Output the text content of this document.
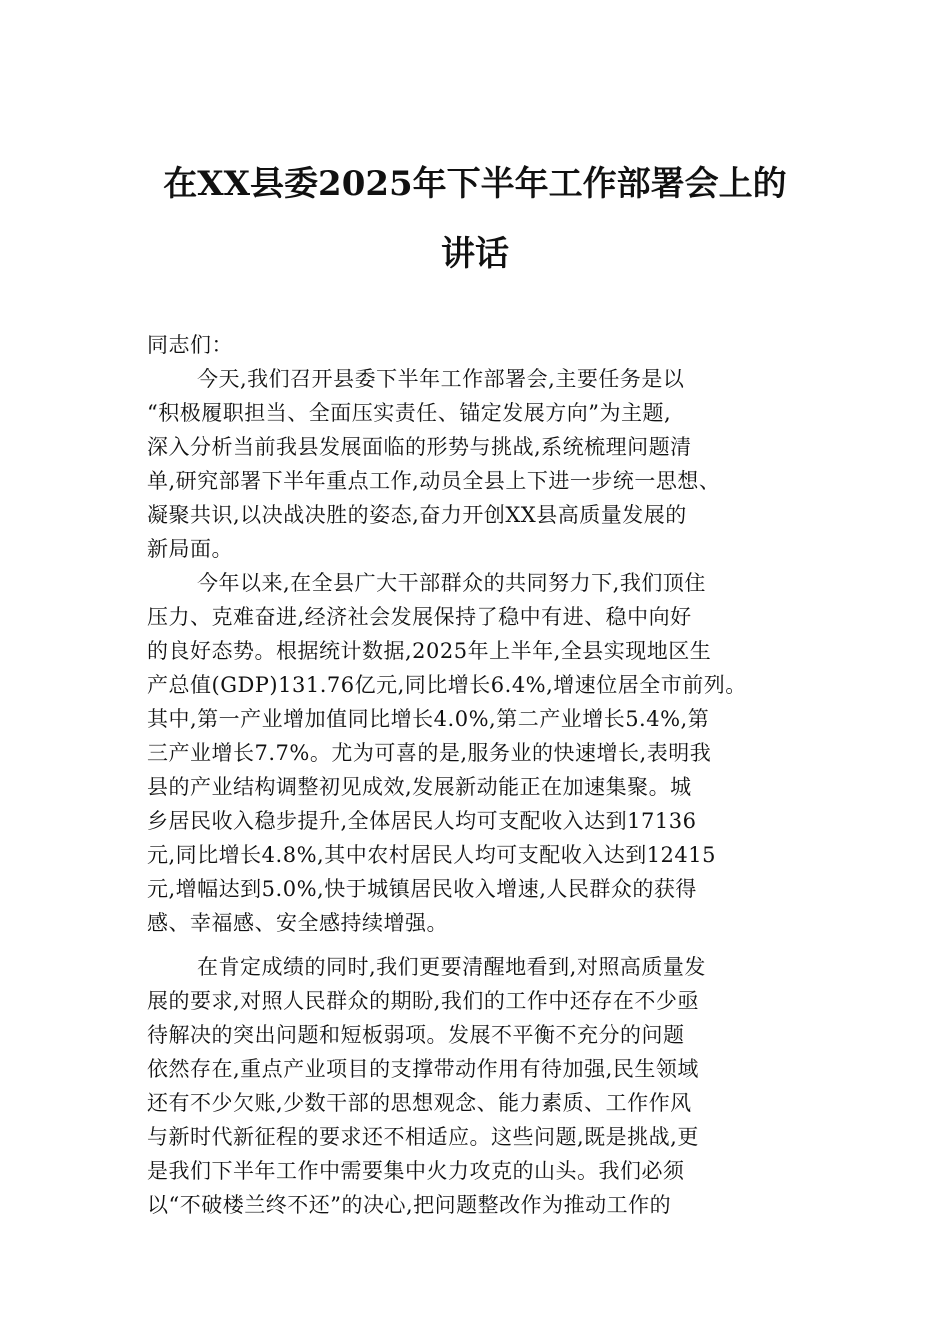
在XX县委2025年下半年工作部署会上的
讲话
同志们：
今天,我们召开县委下半年工作部署会,主要任务是以
“积极履职担当、全面压实责任、锚定发展方向”为主题,
深入分析当前我县发展面临的形势与挑战,系统梳理问题清
单,研究部署下半年重点工作,动员全县上下进一步统一思想、
凝聚共识,以决战决胜的姿态,奋力开创XX县高质量发展的
新局面。
今年以来,在全县广大干部群众的共同努力下,我们顶住
压力、克难奋进,经济社会发展保持了稳中有进、稳中向好
的良好态势。根据统计数据,2025年上半年,全县实现地区生
产总值(GDP)131.76亿元,同比增长6.4%,增速位居全市前列。
其中,第一产业增加值同比增长4.0%,第二产业增长5.4%,第
三产业增长7.7%。尤为可喜的是,服务业的快速增长,表明我
县的产业结构调整初见成效,发展新动能正在加速集聚。城
乡居民收入稳步提升,全体居民人均可支配收入达到17136
元,同比增长4.8%,其中农村居民人均可支配收入达到12415
元,增幅达到5.0%,快于城镇居民收入增速,人民群众的获得
感、幸福感、安全感持续增强。
在肯定成绩的同时,我们更要清醒地看到,对照高质量发
展的要求,对照人民群众的期盼,我们的工作中还存在不少亟
待解决的突出问题和短板弱项。发展不平衡不充分的问题
依然存在,重点产业项目的支撑带动作用有待加强,民生领域
还有不少欠账,少数干部的思想观念、能力素质、工作作风
与新时代新征程的要求还不相适应。这些问题,既是挑战,更
是我们下半年工作中需要集中火力攻克的山头。我们必须
以“不破楼兰终不还”的决心,把问题整改作为推动工作的
